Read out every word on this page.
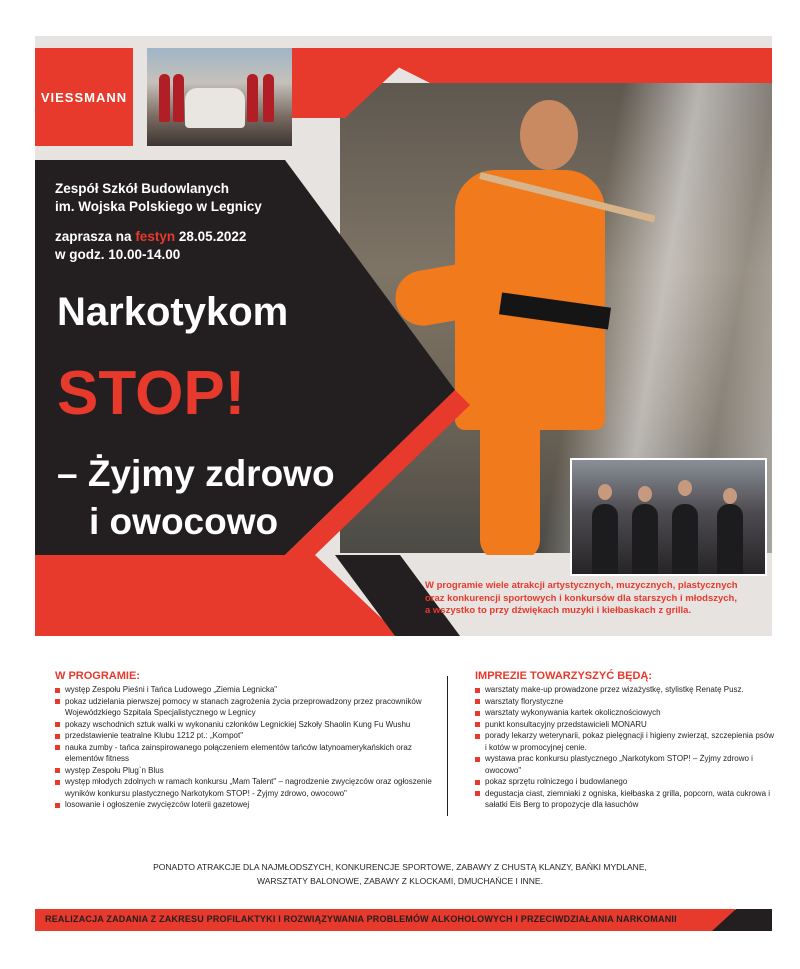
VIESSMANN
Zespół Szkół Budowlanych
im. Wojska Polskiego w Legnicy
zaprasza na festyn 28.05.2022
w godz. 10.00-14.00
Narkotykom
STOP!
– Żyjmy zdrowo
i owocowo
W programie wiele atrakcji artystycznych, muzycznych, plastycznych
oraz konkurencji sportowych i konkursów dla starszych i młodszych,
a wszystko to przy dźwiękach muzyki i kiełbaskach z grilla.
W PROGRAMIE:
występ Zespołu Pieśni i Tańca Ludowego „Ziemia Legnicka"
pokaz udzielania pierwszej pomocy w stanach zagrożenia życia przeprowadzony przez pracowników Wojewódzkiego Szpitala Specjalistycznego w Legnicy
pokazy wschodnich sztuk walki w wykonaniu członków Legnickiej Szkoły Shaolin Kung Fu Wushu
przedstawienie teatralne Klubu 1212 pt.: „Kompot"
nauka zumby - tańca zainspirowanego połączeniem elementów tańców latynoamerykańskich oraz elementów fitness
występ Zespołu Plug`n Blus
występ młodych zdolnych w ramach konkursu „Mam Talent" – nagrodzenie zwycięzców oraz ogłoszenie wyników konkursu plastycznego Narkotykom STOP! - Żyjmy zdrowo, owocowo"
losowanie i ogłoszenie zwycięzców loterii gazetowej
IMPREZIE TOWARZYSZYĆ BĘDĄ:
warsztaty make-up prowadzone przez wizażystkę, stylistkę Renatę Pusz.
warsztaty florystyczne
warsztaty wykonywania kartek okolicznościowych
punkt konsultacyjny przedstawicieli MONARU
porady lekarzy weterynarii, pokaz pielęgnacji i higieny zwierząt, szczepienia psów i kotów w promocyjnej cenie.
wystawa prac konkursu plastycznego „Narkotykom STOP! – Żyjmy zdrowo i owocowo"
pokaz sprzętu rolniczego i budowlanego
degustacja ciast, ziemniaki z ogniska, kiełbaska z grilla, popcorn, wata cukrowa i sałatki Eis Berg to propozycje dla łasuchów
PONADTO ATRAKCJE DLA NAJMŁODSZYCH, KONKURENCJE SPORTOWE, ZABAWY Z CHUSTĄ KLANZY, BAŃKI MYDLANE,
WARSZTATY BALONOWE, ZABAWY Z KLOCKAMI, DMUCHAŃCE I INNE.
REALIZACJA ZADANIA Z ZAKRESU PROFILAKTYKI I ROZWIĄZYWANIA PROBLEMÓW ALKOHOLOWYCH I PRZECIWDZIAŁANIA NARKOMANII
